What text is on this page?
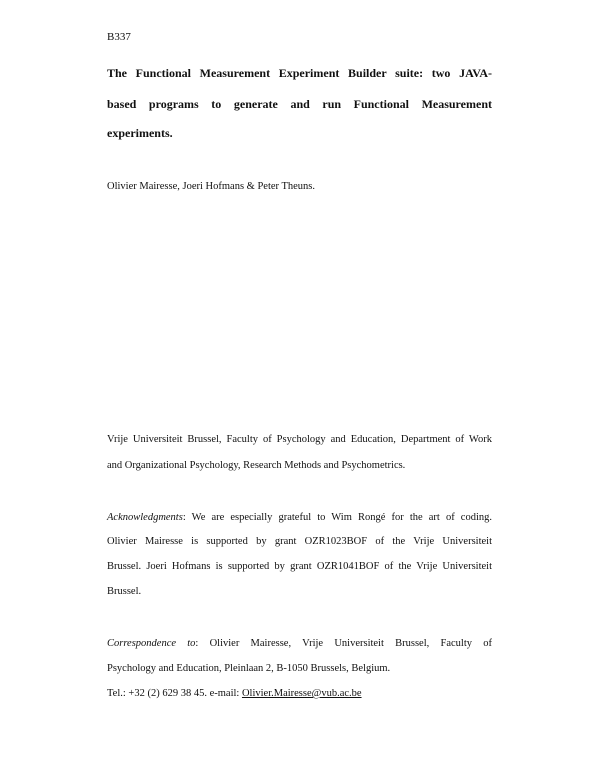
B337
The Functional Measurement Experiment Builder suite: two JAVA-
based programs to generate and run Functional Measurement
experiments.
Olivier Mairesse, Joeri Hofmans & Peter Theuns.
Vrije Universiteit Brussel, Faculty of Psychology and Education, Department of Work
and Organizational Psychology, Research Methods and Psychometrics.
Acknowledgments: We are especially grateful to Wim Rongé for the art of coding.
Olivier Mairesse is supported by grant OZR1023BOF of the Vrije Universiteit
Brussel. Joeri Hofmans is supported by grant OZR1041BOF of the Vrije Universiteit
Brussel.
Correspondence to: Olivier Mairesse, Vrije Universiteit Brussel, Faculty of
Psychology and Education, Pleinlaan 2, B-1050 Brussels, Belgium.
Tel.: +32 (2) 629 38 45. e-mail: Olivier.Mairesse@vub.ac.be
